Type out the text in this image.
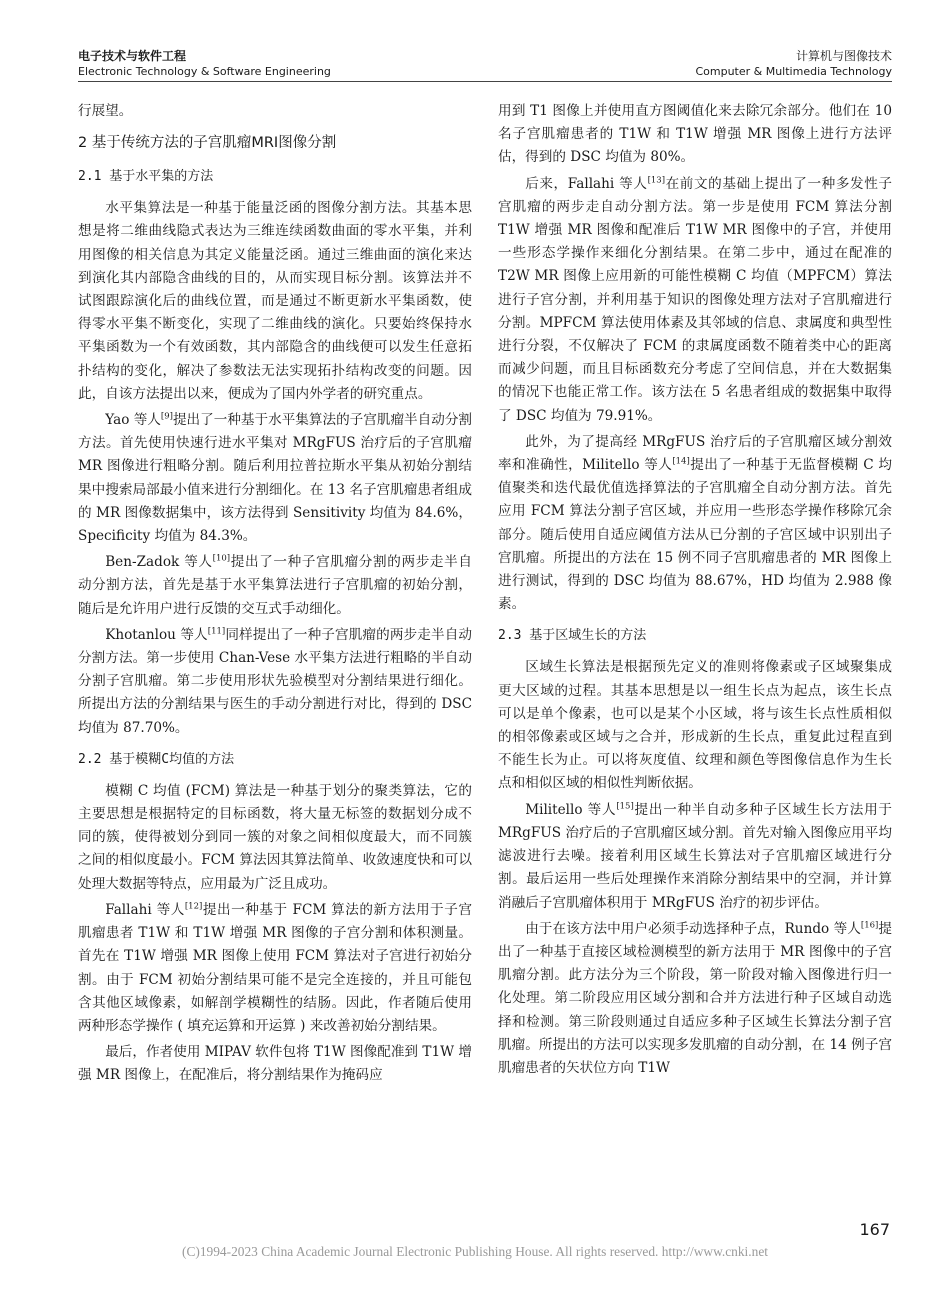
电子技术与软件工程
Electronic Technology & Software Engineering
计算机与图像技术
Computer & Multimedia Technology

行展望。

2 基于传统方法的子宫肌瘤MRI图像分割
2.1 基于水平集的方法

水平集算法是一种基于能量泛函的图像分割方法。其基本思想是将二维曲线隐式表达为三维连续函数曲面的零水平集，并利用图像的相关信息为其定义能量泛函。通过三维曲面的演化来达到演化其内部隐含曲线的目的，从而实现目标分割。该算法并不试图跟踪演化后的曲线位置，而是通过不断更新水平集函数，使得零水平集不断变化，实现了二维曲线的演化。只要始终保持水平集函数为一个有效函数，其内部隐含的曲线便可以发生任意拓扑结构的变化，解决了参数法无法实现拓扑结构改变的问题。因此，自该方法提出以来，便成为了国内外学者的研究重点。

Yao 等人[9]提出了一种基于水平集算法的子宫肌瘤半自动分割方法。首先使用快速行进水平集对 MRgFUS 治疗后的子宫肌瘤 MR 图像进行粗略分割。随后利用拉普拉斯水平集从初始分割结果中搜索局部最小值来进行分割细化。在 13 名子宫肌瘤患者组成的 MR 图像数据集中，该方法得到 Sensitivity 均值为 84.6%，Specificity 均值为 84.3%。

Ben-Zadok 等人[10]提出了一种子宫肌瘤分割的两步走半自动分割方法，首先是基于水平集算法进行子宫肌瘤的初始分割，随后是允许用户进行反馈的交互式手动细化。

Khotanlou 等人[11]同样提出了一种子宫肌瘤的两步走半自动分割方法。第一步使用 Chan-Vese 水平集方法进行粗略的半自动分割子宫肌瘤。第二步使用形状先验模型对分割结果进行细化。所提出方法的分割结果与医生的手动分割进行对比，得到的 DSC 均值为 87.70%。

2.2 基于模糊C均值的方法

模糊 C 均值 (FCM) 算法是一种基于划分的聚类算法，它的主要思想是根据特定的目标函数，将大量无标签的数据划分成不同的簇，使得被划分到同一簇的对象之间相似度最大，而不同簇之间的相似度最小。FCM 算法因其算法简单、收敛速度快和可以处理大数据等特点，应用最为广泛且成功。

Fallahi 等人[12]提出一种基于 FCM 算法的新方法用于子宫肌瘤患者 T1W 和 T1W 增强 MR 图像的子宫分割和体积测量。首先在 T1W 增强 MR 图像上使用 FCM 算法对子宫进行初始分割。由于 FCM 初始分割结果可能不是完全连接的，并且可能包含其他区域像素，如解剖学模糊性的结肠。因此，作者随后使用两种形态学操作 ( 填充运算和开运算 ) 来改善初始分割结果。

最后，作者使用 MIPAV 软件包将 T1W 图像配准到 T1W 增强 MR 图像上，在配准后，将分割结果作为掩码应

用到 T1 图像上并使用直方图阈值化来去除冗余部分。他们在 10 名子宫肌瘤患者的 T1W 和 T1W 增强 MR 图像上进行方法评估，得到的 DSC 均值为 80%。

后来，Fallahi 等人[13]在前文的基础上提出了一种多发性子宫肌瘤的两步走自动分割方法。第一步是使用 FCM 算法分割 T1W 增强 MR 图像和配准后 T1W MR 图像中的子宫，并使用一些形态学操作来细化分割结果。在第二步中，通过在配准的 T2W MR 图像上应用新的可能性模糊 C 均值（MPFCM）算法进行子宫分割，并利用基于知识的图像处理方法对子宫肌瘤进行分割。MPFCM 算法使用体素及其邻域的信息、隶属度和典型性进行分裂，不仅解决了 FCM 的隶属度函数不随着类中心的距离而减少问题，而且目标函数充分考虑了空间信息，并在大数据集的情况下也能正常工作。该方法在 5 名患者组成的数据集中取得了 DSC 均值为 79.91%。

此外，为了提高经 MRgFUS 治疗后的子宫肌瘤区域分割效率和准确性，Militello 等人[14]提出了一种基于无监督模糊 C 均值聚类和迭代最优值选择算法的子宫肌瘤全自动分割方法。首先应用 FCM 算法分割子宫区域，并应用一些形态学操作移除冗余部分。随后使用自适应阈值方法从已分割的子宫区域中识别出子宫肌瘤。所提出的方法在 15 例不同子宫肌瘤患者的 MR 图像上进行测试，得到的 DSC 均值为 88.67%，HD 均值为 2.988 像素。

2.3 基于区域生长的方法

区域生长算法是根据预先定义的准则将像素或子区域聚集成更大区域的过程。其基本思想是以一组生长点为起点，该生长点可以是单个像素，也可以是某个小区域，将与该生长点性质相似的相邻像素或区域与之合并，形成新的生长点，重复此过程直到不能生长为止。可以将灰度值、纹理和颜色等图像信息作为生长点和相似区域的相似性判断依据。

Militello 等人[15]提出一种半自动多种子区域生长方法用于 MRgFUS 治疗后的子宫肌瘤区域分割。首先对输入图像应用平均滤波进行去噪。接着利用区域生长算法对子宫肌瘤区域进行分割。最后运用一些后处理操作来消除分割结果中的空洞，并计算消融后子宫肌瘤体积用于 MRgFUS 治疗的初步评估。

由于在该方法中用户必须手动选择种子点，Rundo 等人[16]提出了一种基于直接区域检测模型的新方法用于 MR 图像中的子宫肌瘤分割。此方法分为三个阶段，第一阶段对输入图像进行归一化处理。第二阶段应用区域分割和合并方法进行种子区域自动选择和检测。第三阶段则通过自适应多种子区域生长算法分割子宫肌瘤。所提出的方法可以实现多发肌瘤的自动分割，在 14 例子宫肌瘤患者的矢状位方向 T1W

167
(C)1994-2023 China Academic Journal Electronic Publishing House. All rights reserved. http://www.cnki.net
